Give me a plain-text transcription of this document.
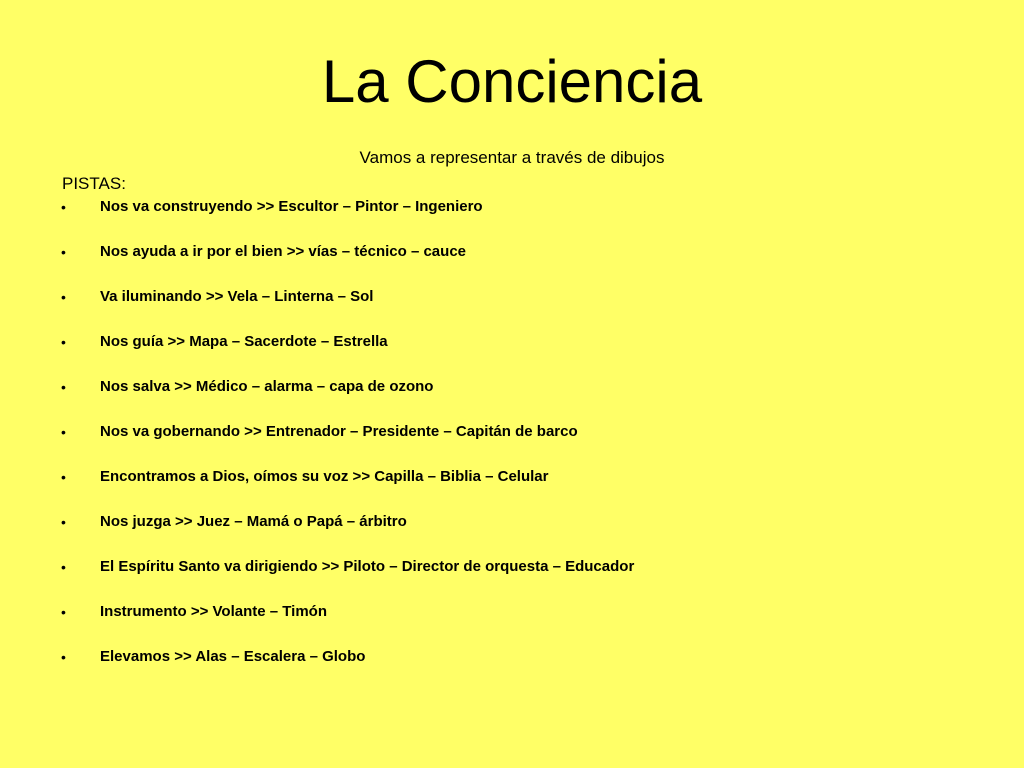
La Conciencia
Vamos a representar a través de dibujos
PISTAS:
• Nos va construyendo >> Escultor – Pintor – Ingeniero
• Nos ayuda a ir por el bien >> vías – técnico – cauce
• Va iluminando >> Vela – Linterna – Sol
• Nos guía >> Mapa – Sacerdote – Estrella
• Nos salva >> Médico – alarma – capa de ozono
• Nos va gobernando >> Entrenador – Presidente – Capitán de barco
• Encontramos a Dios, oímos su voz >> Capilla – Biblia – Celular
• Nos juzga >> Juez – Mamá o Papá – árbitro
• El Espíritu Santo va dirigiendo >> Piloto – Director de orquesta – Educador
• Instrumento >> Volante – Timón
• Elevamos >> Alas – Escalera – Globo
